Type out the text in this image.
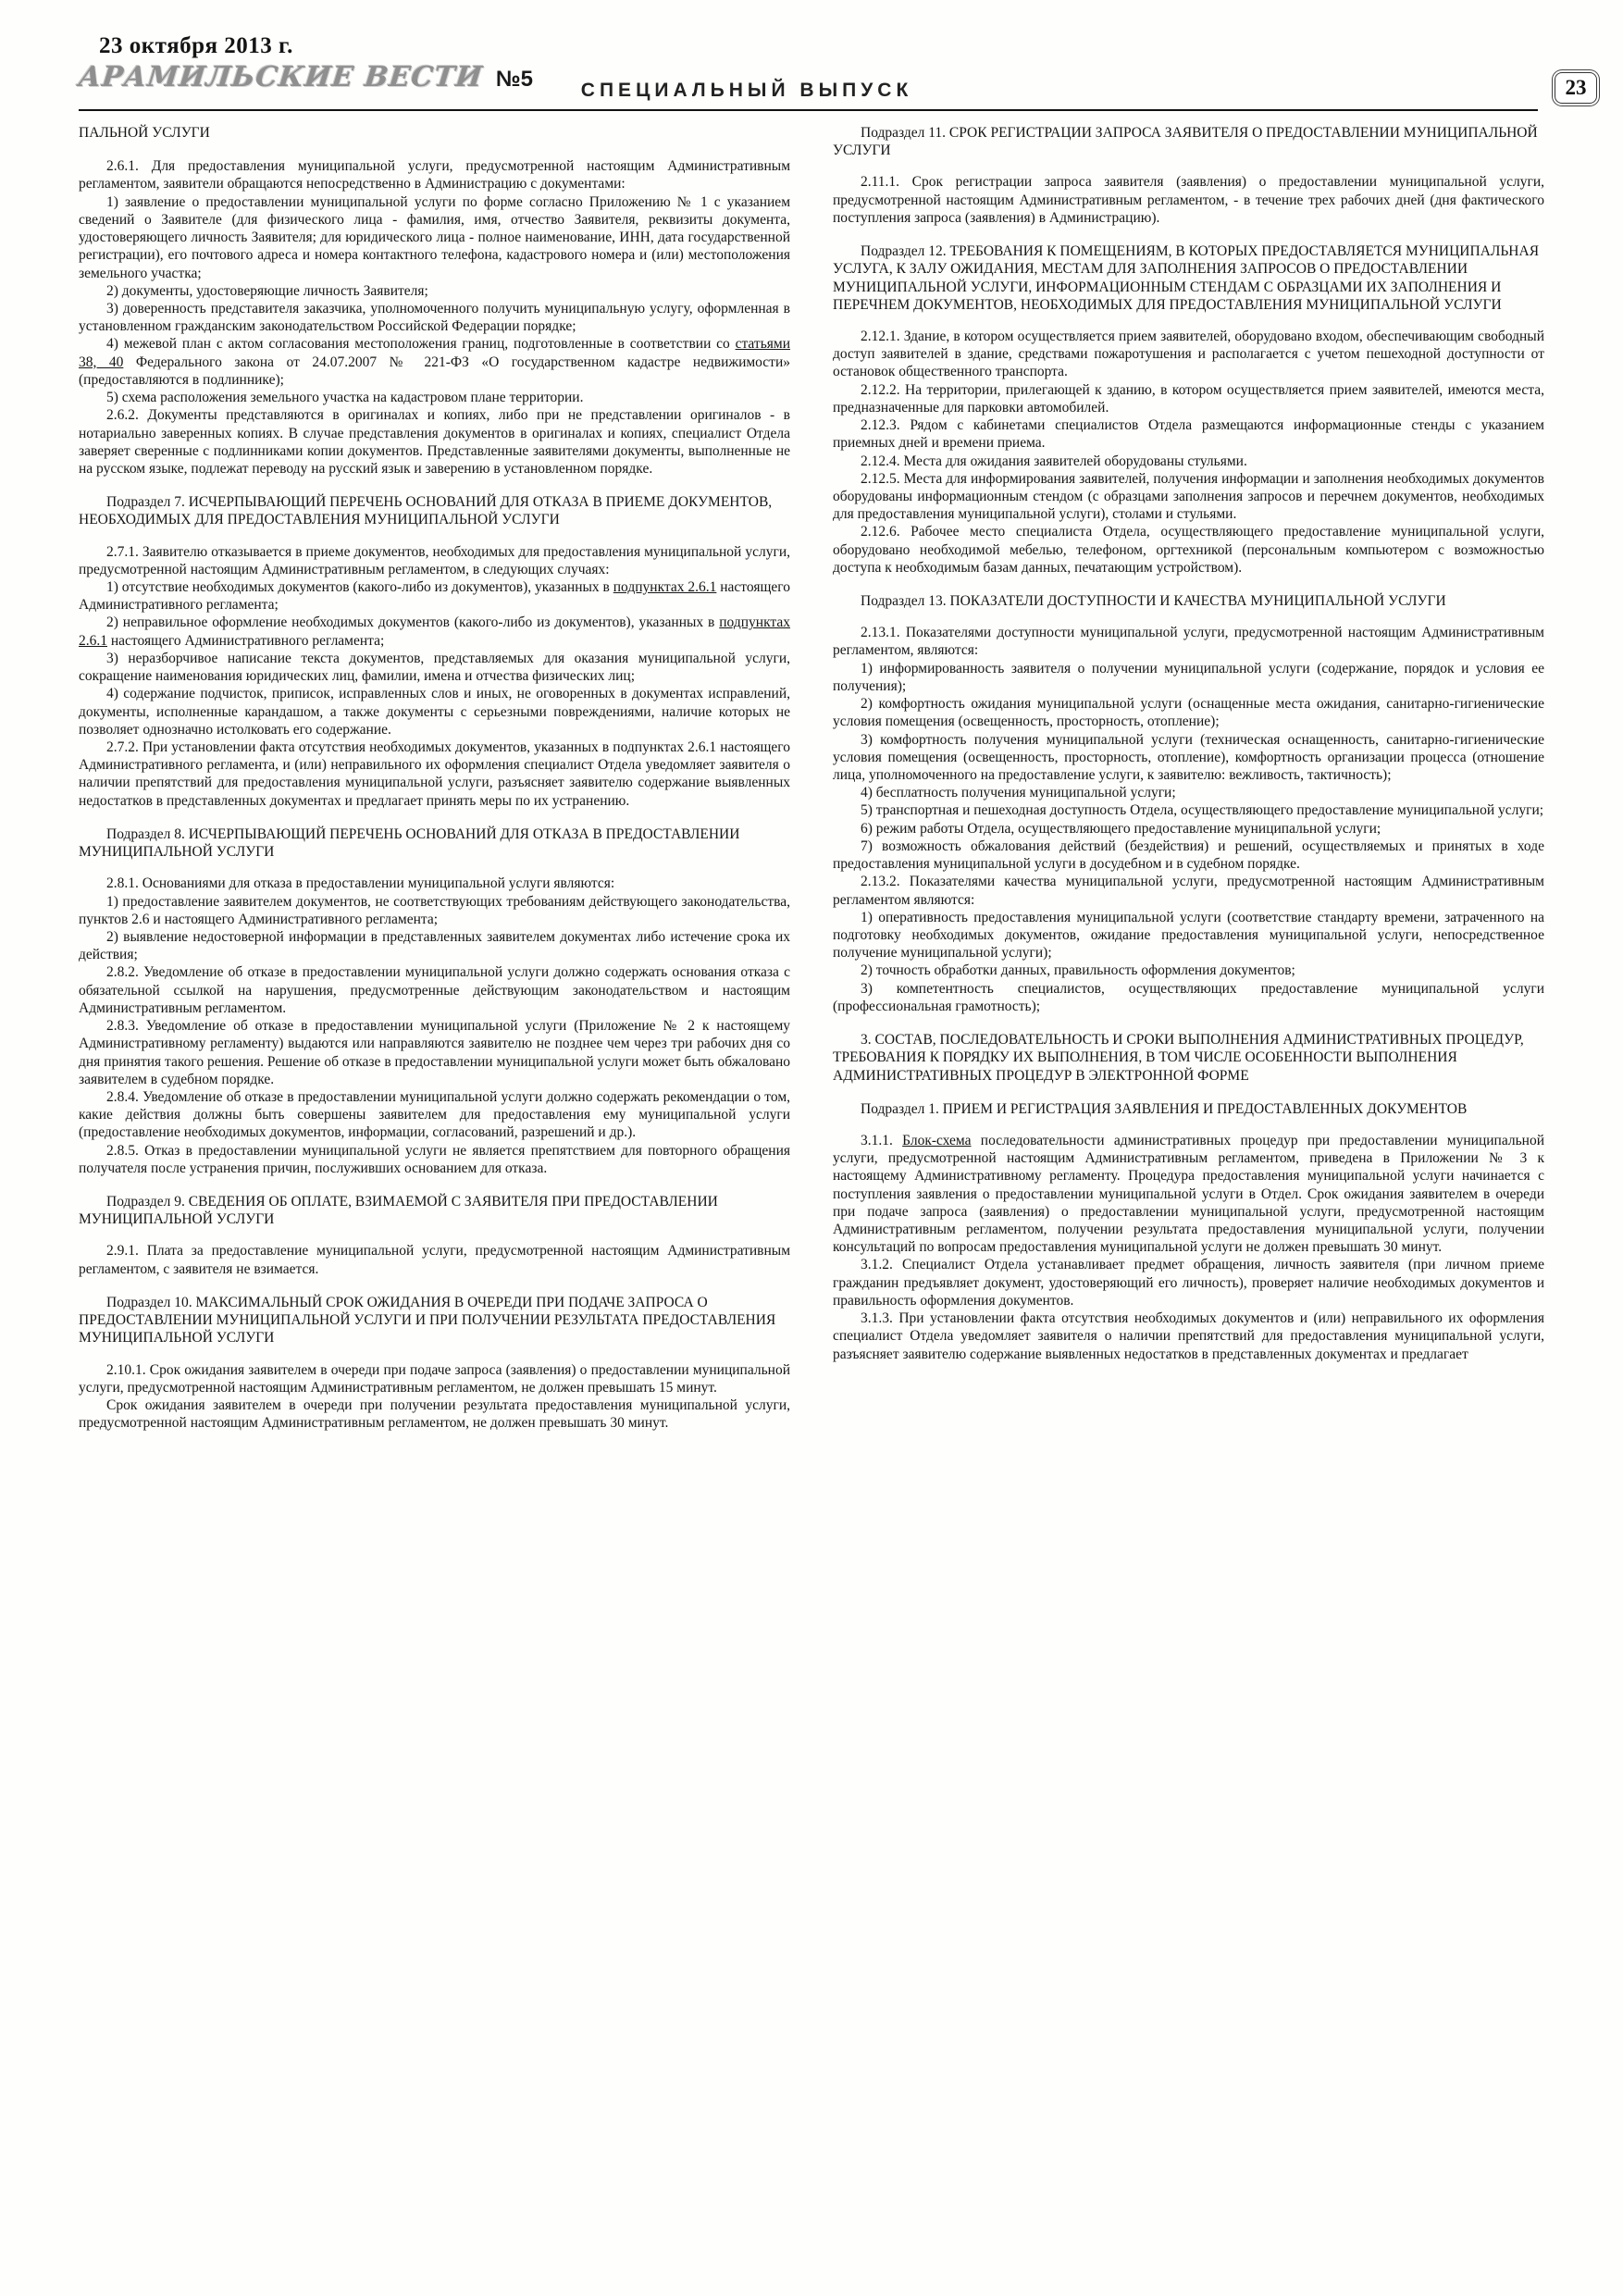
23 октября 2013 г.
АРАМИЛЬСКИЕ ВЕСТИ №5	СПЕЦИАЛЬНЫЙ ВЫПУСК	23
ПАЛЬНОЙ УСЛУГИ
2.6.1. Для предоставления муниципальной услуги, предусмотренной настоящим Административным регламентом, заявители обращаются непосредственно в Администрацию с документами:
1) заявление о предоставлении муниципальной услуги по форме согласно Приложению № 1 с указанием сведений о Заявителе (для физического лица - фамилия, имя, отчество Заявителя, реквизиты документа, удостоверяющего личность Заявителя; для юридического лица - полное наименование, ИНН, дата государственной регистрации), его почтового адреса и номера контактного телефона, кадастрового номера и (или) местоположения земельного участка;
2) документы, удостоверяющие личность Заявителя;
3) доверенность представителя заказчика, уполномоченного получить муниципальную услугу, оформленная в установленном гражданским законодательством Российской Федерации порядке;
4) межевой план с актом согласования местоположения границ, подготовленные в соответствии со статьями 38, 40 Федерального закона от 24.07.2007 № 221-ФЗ «О государственном кадастре недвижимости» (предоставляются в подлиннике);
5) схема расположения земельного участка на кадастровом плане территории.
2.6.2. Документы представляются в оригиналах и копиях, либо при не представлении оригиналов - в нотариально заверенных копиях. В случае представления документов в оригиналах и копиях, специалист Отдела заверяет сверенные с подлинниками копии документов. Представленные заявителями документы, выполненные не на русском языке, подлежат переводу на русский язык и заверению в установленном порядке.
Подраздел 7. ИСЧЕРПЫВАЮЩИЙ ПЕРЕЧЕНЬ ОСНОВАНИЙ ДЛЯ ОТКАЗА В ПРИЕМЕ ДОКУМЕНТОВ, НЕОБХОДИМЫХ ДЛЯ ПРЕДОСТАВЛЕНИЯ МУНИЦИПАЛЬНОЙ УСЛУГИ
2.7.1. Заявителю отказывается в приеме документов, необходимых для предоставления муниципальной услуги, предусмотренной настоящим Административным регламентом, в следующих случаях:
1) отсутствие необходимых документов (какого-либо из документов), указанных в подпунктах 2.6.1 настоящего Административного регламента;
2) неправильное оформление необходимых документов (какого-либо из документов), указанных в подпунктах 2.6.1 настоящего Административного регламента;
3) неразборчивое написание текста документов, представляемых для оказания муниципальной услуги, сокращение наименования юридических лиц, фамилии, имена и отчества физических лиц;
4) содержание подчисток, приписок, исправленных слов и иных, не оговоренных в документах исправлений, документы, исполненные карандашом, а также документы с серьезными повреждениями, наличие которых не позволяет однозначно истолковать его содержание.
2.7.2. При установлении факта отсутствия необходимых документов, указанных в подпунктах 2.6.1 настоящего Административного регламента, и (или) неправильного их оформления специалист Отдела уведомляет заявителя о наличии препятствий для предоставления муниципальной услуги, разъясняет заявителю содержание выявленных недостатков в представленных документах и предлагает принять меры по их устранению.
Подраздел 8. ИСЧЕРПЫВАЮЩИЙ ПЕРЕЧЕНЬ ОСНОВАНИЙ ДЛЯ ОТКАЗА В ПРЕДОСТАВЛЕНИИ МУНИЦИПАЛЬНОЙ УСЛУГИ
2.8.1. Основаниями для отказа в предоставлении муниципальной услуги являются:
1) предоставление заявителем документов, не соответствующих требованиям действующего законодательства, пунктов 2.6 и настоящего Административного регламента;
2) выявление недостоверной информации в представленных заявителем документах либо истечение срока их действия;
2.8.2. Уведомление об отказе в предоставлении муниципальной услуги должно содержать основания отказа с обязательной ссылкой на нарушения, предусмотренные действующим законодательством и настоящим Административным регламентом.
2.8.3. Уведомление об отказе в предоставлении муниципальной услуги (Приложение № 2 к настоящему Административному регламенту) выдаются или направляются заявителю не позднее чем через три рабочих дня со дня принятия такого решения. Решение об отказе в предоставлении муниципальной услуги может быть обжаловано заявителем в судебном порядке.
2.8.4. Уведомление об отказе в предоставлении муниципальной услуги должно содержать рекомендации о том, какие действия должны быть совершены заявителем для предоставления ему муниципальной услуги (предоставление необходимых документов, информации, согласований, разрешений и др.).
2.8.5. Отказ в предоставлении муниципальной услуги не является препятствием для повторного обращения получателя после устранения причин, послуживших основанием для отказа.
Подраздел 9. СВЕДЕНИЯ ОБ ОПЛАТЕ, ВЗИМАЕМОЙ С ЗАЯВИТЕЛЯ ПРИ ПРЕДОСТАВЛЕНИИ МУНИЦИПАЛЬНОЙ УСЛУГИ
2.9.1. Плата за предоставление муниципальной услуги, предусмотренной настоящим Административным регламентом, с заявителя не взимается.
Подраздел 10. МАКСИМАЛЬНЫЙ СРОК ОЖИДАНИЯ В ОЧЕРЕДИ ПРИ ПОДАЧЕ ЗАПРОСА О ПРЕДОСТАВЛЕНИИ МУНИЦИПАЛЬНОЙ УСЛУГИ И ПРИ ПОЛУЧЕНИИ РЕЗУЛЬТАТА ПРЕДОСТАВЛЕНИЯ МУНИЦИПАЛЬНОЙ УСЛУГИ
2.10.1. Срок ожидания заявителем в очереди при подаче запроса (заявления) о предоставлении муниципальной услуги, предусмотренной настоящим Административным регламентом, не должен превышать 15 минут.
Срок ожидания заявителем в очереди при получении результата предоставления муниципальной услуги, предусмотренной настоящим Административным регламентом, не должен превышать 30 минут.
Подраздел 11. СРОК РЕГИСТРАЦИИ ЗАПРОСА ЗАЯВИТЕЛЯ О ПРЕДОСТАВЛЕНИИ МУНИЦИПАЛЬНОЙ УСЛУГИ
2.11.1. Срок регистрации запроса заявителя (заявления) о предоставлении муниципальной услуги, предусмотренной настоящим Административным регламентом, - в течение трех рабочих дней (дня фактического поступления запроса (заявления) в Администрацию).
Подраздел 12. ТРЕБОВАНИЯ К ПОМЕЩЕНИЯМ, В КОТОРЫХ ПРЕДОСТАВЛЯЕТСЯ МУНИЦИПАЛЬНАЯ УСЛУГА, К ЗАЛУ ОЖИДАНИЯ, МЕСТАМ ДЛЯ ЗАПОЛНЕНИЯ ЗАПРОСОВ О ПРЕДОСТАВЛЕНИИ МУНИЦИПАЛЬНОЙ УСЛУГИ, ИНФОРМАЦИОННЫМ СТЕНДАМ С ОБРАЗЦАМИ ИХ ЗАПОЛНЕНИЯ И ПЕРЕЧНЕМ ДОКУМЕНТОВ, НЕОБХОДИМЫХ ДЛЯ ПРЕДОСТАВЛЕНИЯ МУНИЦИПАЛЬНОЙ УСЛУГИ
2.12.1. Здание, в котором осуществляется прием заявителей, оборудовано входом, обеспечивающим свободный доступ заявителей в здание, средствами пожаротушения и располагается с учетом пешеходной доступности от остановок общественного транспорта.
2.12.2. На территории, прилегающей к зданию, в котором осуществляется прием заявителей, имеются места, предназначенные для парковки автомобилей.
2.12.3. Рядом с кабинетами специалистов Отдела размещаются информационные стенды с указанием приемных дней и времени приема.
2.12.4. Места для ожидания заявителей оборудованы стульями.
2.12.5. Места для информирования заявителей, получения информации и заполнения необходимых документов оборудованы информационным стендом (с образцами заполнения запросов и перечнем документов, необходимых для предоставления муниципальной услуги), столами и стульями.
2.12.6. Рабочее место специалиста Отдела, осуществляющего предоставление муниципальной услуги, оборудовано необходимой мебелью, телефоном, оргтехникой (персональным компьютером с возможностью доступа к необходимым базам данных, печатающим устройством).
Подраздел 13. ПОКАЗАТЕЛИ ДОСТУПНОСТИ И КАЧЕСТВА МУНИЦИПАЛЬНОЙ УСЛУГИ
2.13.1. Показателями доступности муниципальной услуги, предусмотренной настоящим Административным регламентом, являются:
1) информированность заявителя о получении муниципальной услуги (содержание, порядок и условия ее получения);
2) комфортность ожидания муниципальной услуги (оснащенные места ожидания, санитарно-гигиенические условия помещения (освещенность, просторность, отопление);
3) комфортность получения муниципальной услуги (техническая оснащенность, санитарно-гигиенические условия помещения (освещенность, просторность, отопление), комфортность организации процесса (отношение лица, уполномоченного на предоставление услуги, к заявителю: вежливость, тактичность);
4) бесплатность получения муниципальной услуги;
5) транспортная и пешеходная доступность Отдела, осуществляющего предоставление муниципальной услуги;
6) режим работы Отдела, осуществляющего предоставление муниципальной услуги;
7) возможность обжалования действий (бездействия) и решений, осуществляемых и принятых в ходе предоставления муниципальной услуги в досудебном и в судебном порядке.
2.13.2. Показателями качества муниципальной услуги, предусмотренной настоящим Административным регламентом являются:
1) оперативность предоставления муниципальной услуги (соответствие стандарту времени, затраченного на подготовку необходимых документов, ожидание предоставления муниципальной услуги, непосредственное получение муниципальной услуги);
2) точность обработки данных, правильность оформления документов;
3) компетентность специалистов, осуществляющих предоставление муниципальной услуги (профессиональная грамотность);
3. СОСТАВ, ПОСЛЕДОВАТЕЛЬНОСТЬ И СРОКИ ВЫПОЛНЕНИЯ АДМИНИСТРАТИВНЫХ ПРОЦЕДУР, ТРЕБОВАНИЯ К ПОРЯДКУ ИХ ВЫПОЛНЕНИЯ, В ТОМ ЧИСЛЕ ОСОБЕННОСТИ ВЫПОЛНЕНИЯ АДМИНИСТРАТИВНЫХ ПРОЦЕДУР В ЭЛЕКТРОННОЙ ФОРМЕ
Подраздел 1. ПРИЕМ И РЕГИСТРАЦИЯ ЗАЯВЛЕНИЯ И ПРЕДОСТАВЛЕННЫХ ДОКУМЕНТОВ
3.1.1. Блок-схема последовательности административных процедур при предоставлении муниципальной услуги, предусмотренной настоящим Административным регламентом, приведена в Приложении № 3 к настоящему Административному регламенту. Процедура предоставления муниципальной услуги начинается с поступления заявления о предоставлении муниципальной услуги в Отдел. Срок ожидания заявителем в очереди при подаче запроса (заявления) о предоставлении муниципальной услуги, предусмотренной настоящим Административным регламентом, получении результата предоставления муниципальной услуги, получении консультаций по вопросам предоставления муниципальной услуги не должен превышать 30 минут.
3.1.2. Специалист Отдела устанавливает предмет обращения, личность заявителя (при личном приеме гражданин предъявляет документ, удостоверяющий его личность), проверяет наличие необходимых документов и правильность оформления документов.
3.1.3. При установлении факта отсутствия необходимых документов и (или) неправильного их оформления специалист Отдела уведомляет заявителя о наличии препятствий для предоставления муниципальной услуги, разъясняет заявителю содержание выявленных недостатков в представленных документах и предлагает
